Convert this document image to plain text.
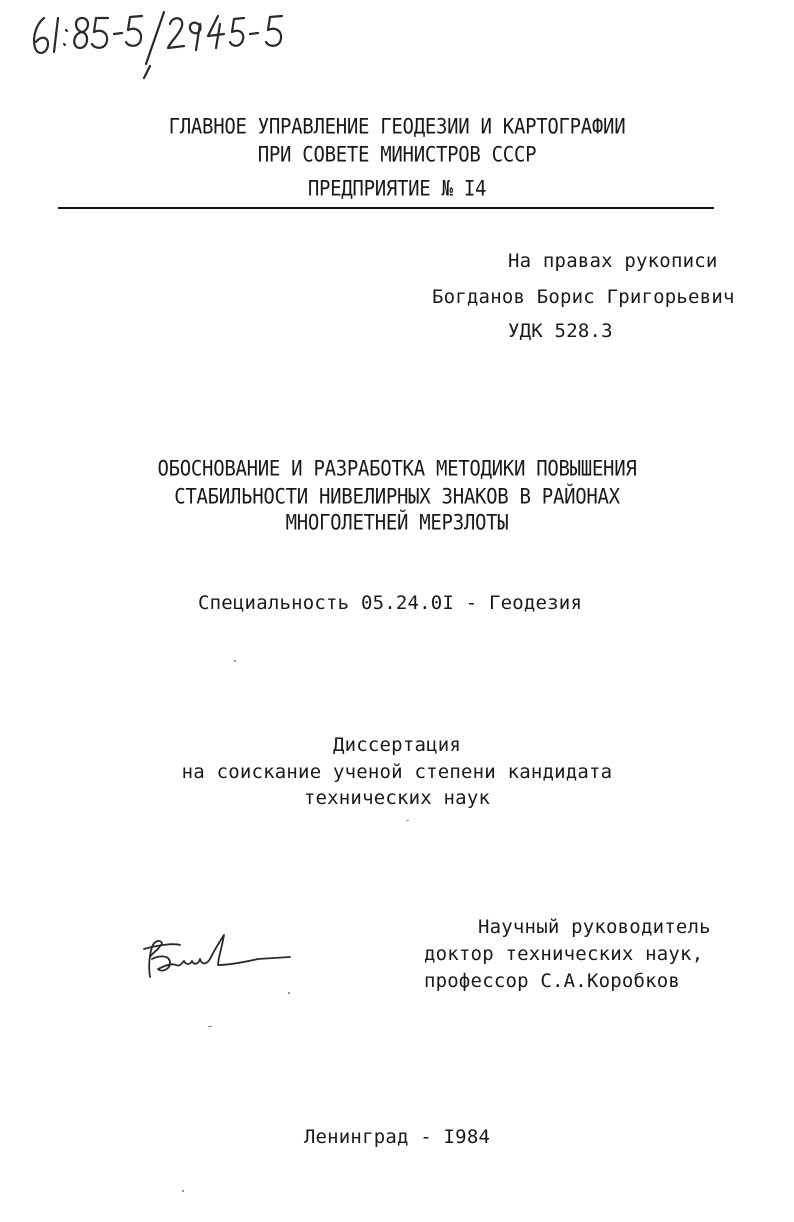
ГЛАВНОЕ УПРАВЛЕНИЕ ГЕОДЕЗИИ И КАРТОГРАФИИ
ПРИ СОВЕТЕ МИНИСТРОВ СССР
ПРЕДПРИЯТИЕ № I4
На правах рукописи
Богданов Борис Григорьевич
УДК 528.3
ОБОСНОВАНИЕ И РАЗРАБОТКА МЕТОДИКИ ПОВЫШЕНИЯ
СТАБИЛЬНОСТИ НИВЕЛИРНЫХ ЗНАКОВ В РАЙОНАХ
МНОГОЛЕТНЕЙ МЕРЗЛОТЫ
Специальность 05.24.0I - Геодезия
Диссертация
на соискание ученой степени кандидата
технических наук
Научный руководитель
доктор технических наук,
профессор С.А.Коробков
Ленинград - I984
